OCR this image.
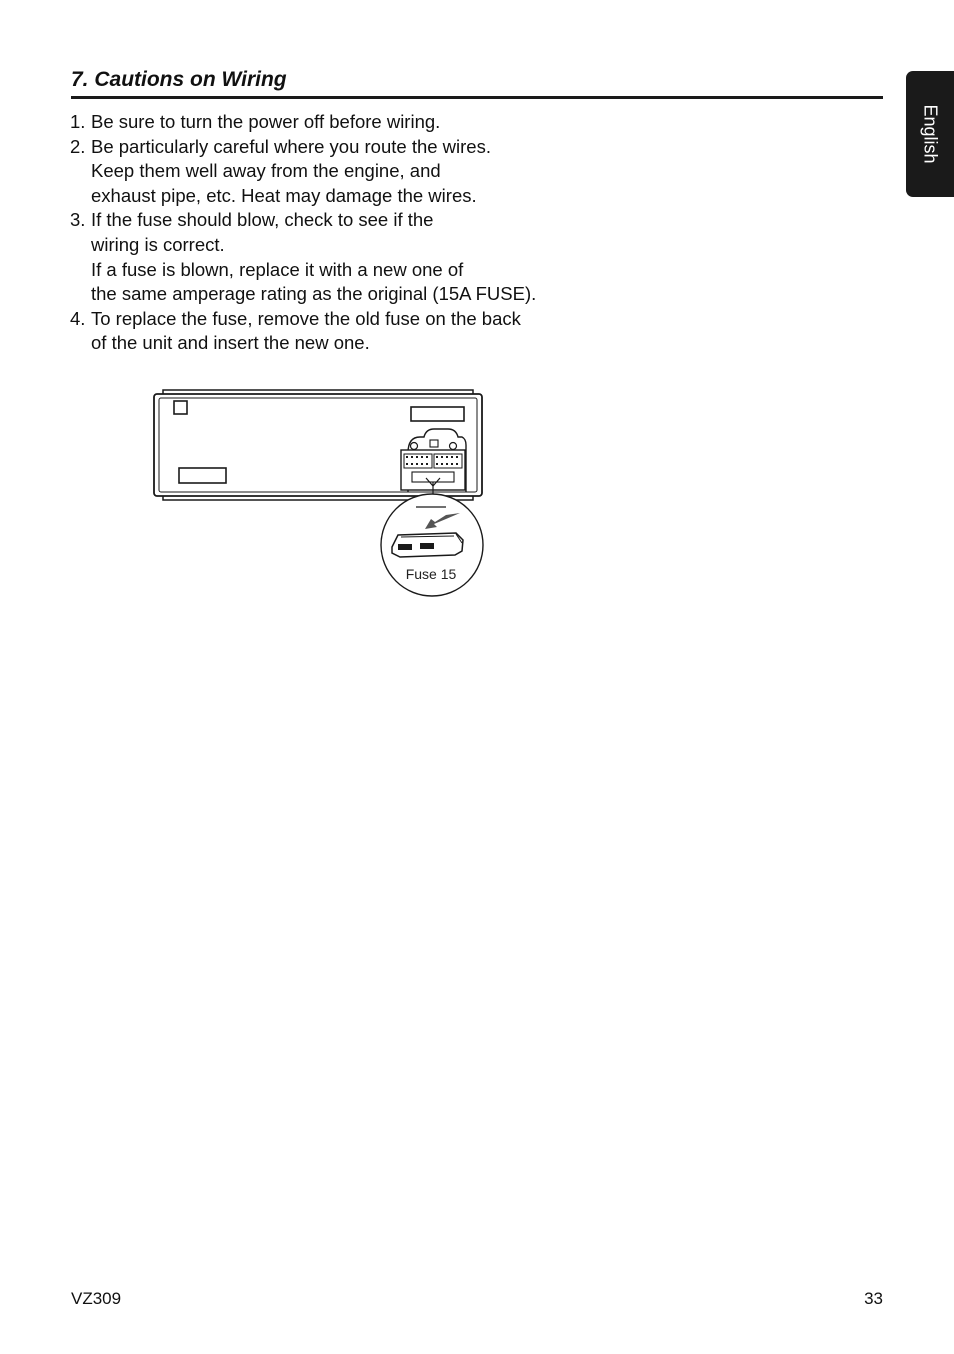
7. Cautions on Wiring
English
1. Be sure to turn the power off before wiring.
2. Be particularly careful where you route the wires.
Keep them well away from the engine, and
exhaust pipe, etc. Heat may damage the wires.
3. If the fuse should blow, check to see if the
wiring is correct.
If a fuse is blown, replace it with a new one of
the same amperage rating as the original (15A FUSE).
4. To replace the fuse, remove the old fuse on the back
of the unit and insert the new one.
Fuse 15
VZ309	33
